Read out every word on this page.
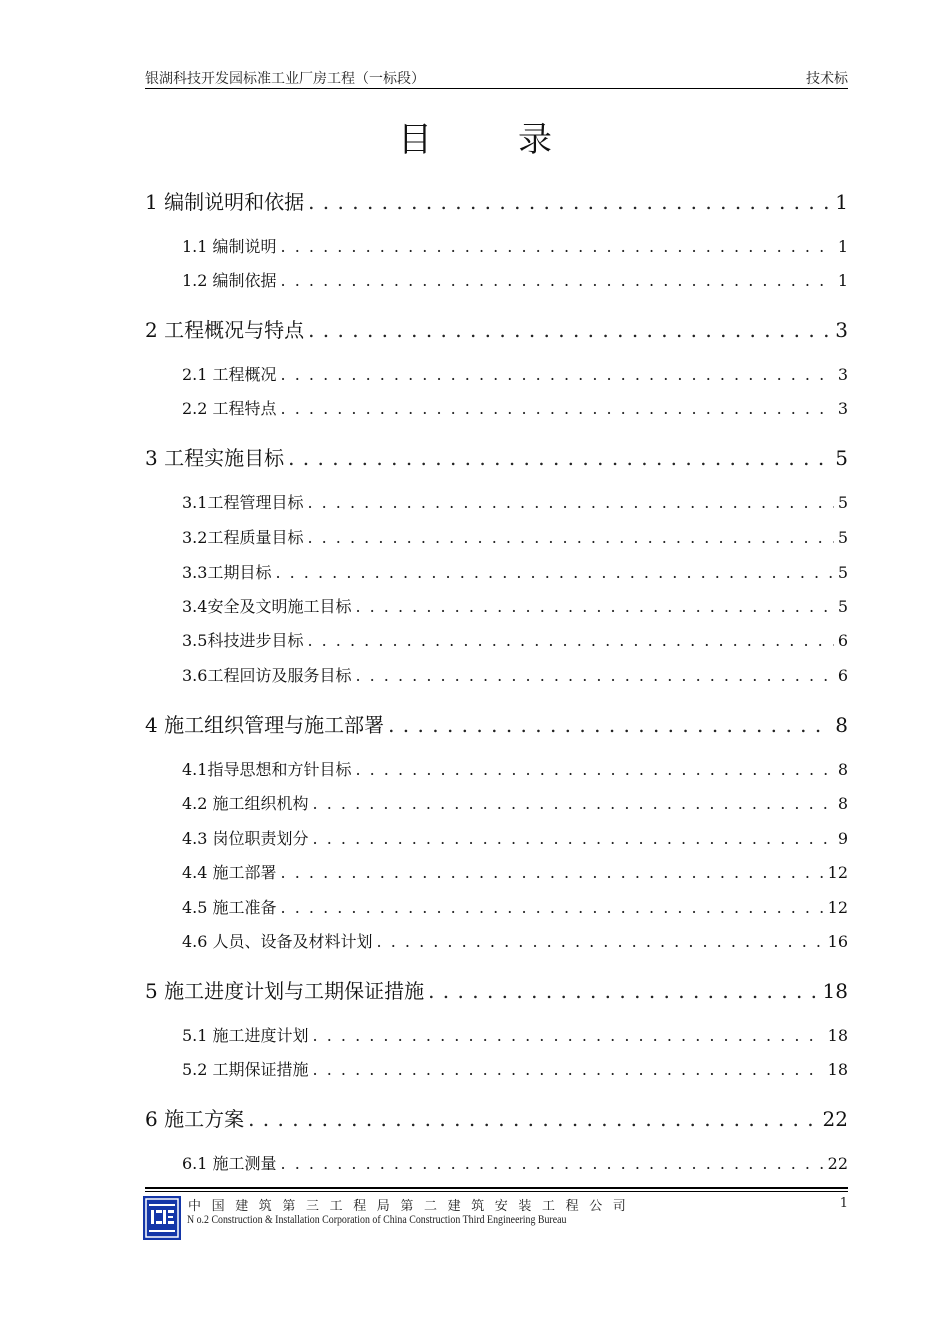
银湖科技开发园标准工业厂房工程（一标段）	技术标
目	录
1 编制说明和依据 . . .	1
1.1 编制说明 . . .	1
1.2 编制依据 . . .	1
2 工程概况与特点 . . .	3
2.1 工程概况 . . .	3
2.2 工程特点 . . .	3
3 工程实施目标 . . .	5
3.1工程管理目标 . . .	5
3.2工程质量目标 . . .	5
3.3工期目标 . . .	5
3.4安全及文明施工目标 . . .	5
3.5科技进步目标 . . .	6
3.6工程回访及服务目标 . . .	6
4 施工组织管理与施工部署 . . .	8
4.1指导思想和方针目标 . . .	8
4.2 施工组织机构 . . .	8
4.3 岗位职责划分 . . .	9
4.4 施工部署 . . .	12
4.5 施工准备 . . .	12
4.6 人员、设备及材料计划 . . .	16
5 施工进度计划与工期保证措施 . . .	18
5.1 施工进度计划 . . .	18
5.2 工期保证措施 . . .	18
6 施工方案 . . .	22
6.1 施工测量 . . .	22
中国建筑第三工程局第二建筑安装工程公司
N o.2 Construction & Installation Corporation of China Construction Third Engineering Bureau
1
